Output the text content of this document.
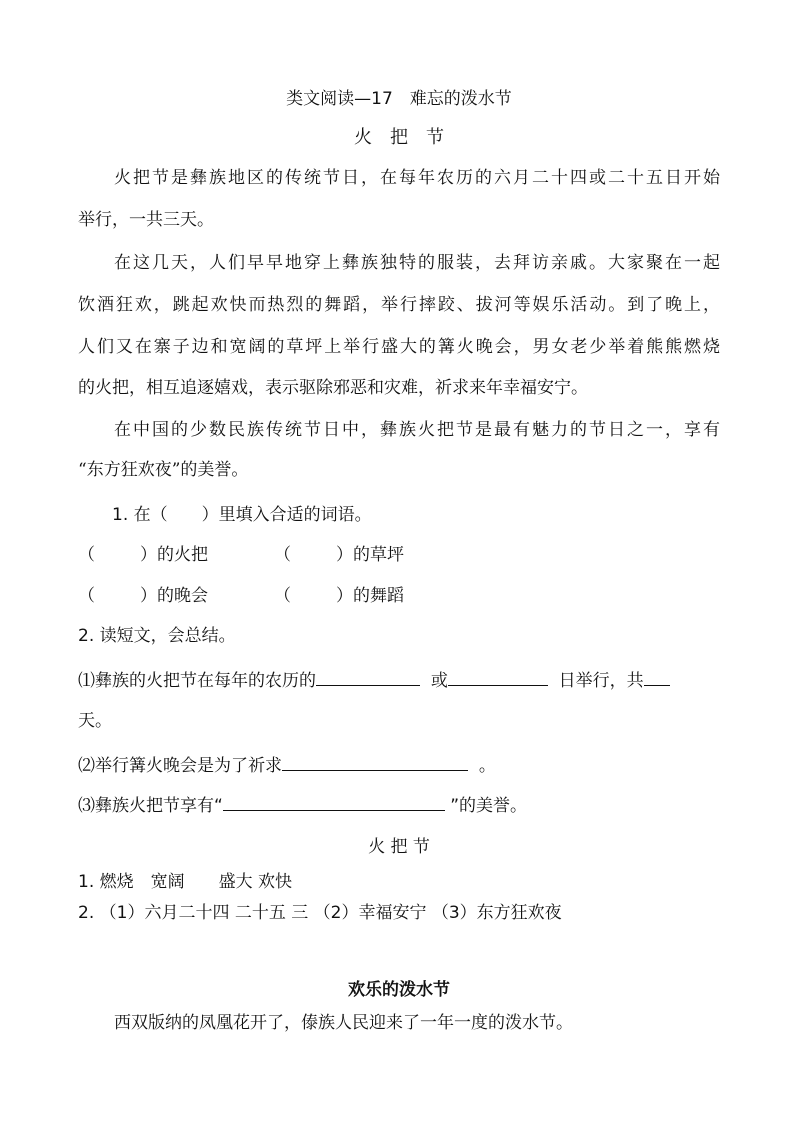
类文阅读—17　难忘的泼水节
火　把　节
火把节是彝族地区的传统节日，在每年农历的六月二十四或二十五日开始
举行，一共三天。
在这几天，人们早早地穿上彝族独特的服装，去拜访亲戚。大家聚在一起
饮酒狂欢，跳起欢快而热烈的舞蹈，举行摔跤、拔河等娱乐活动。到了晚上，
人们又在寨子边和宽阔的草坪上举行盛大的篝火晚会，男女老少举着熊熊燃烧
的火把，相互追逐嬉戏，表示驱除邪恶和灾难，祈求来年幸福安宁。
在中国的少数民族传统节日中，彝族火把节是最有魅力的节日之一，享有
“东方狂欢夜”的美誉。
1. 在（　　）里填入合适的词语。
（	）的火把	（	）的草坪
（	）的晚会	（	）的舞蹈
2. 读短文，会总结。
⑴彝族的火把节在每年的农历的	或	日举行，共
天。
⑵举行篝火晚会是为了祈求	。
⑶彝族火把节享有“	”的美誉。
火 把 节
1. 燃烧　宽阔　　盛大 欢快
2. （1）六月二十四 二十五 三 （2）幸福安宁 （3）东方狂欢夜
欢乐的泼水节
西双版纳的凤凰花开了，傣族人民迎来了一年一度的泼水节。
